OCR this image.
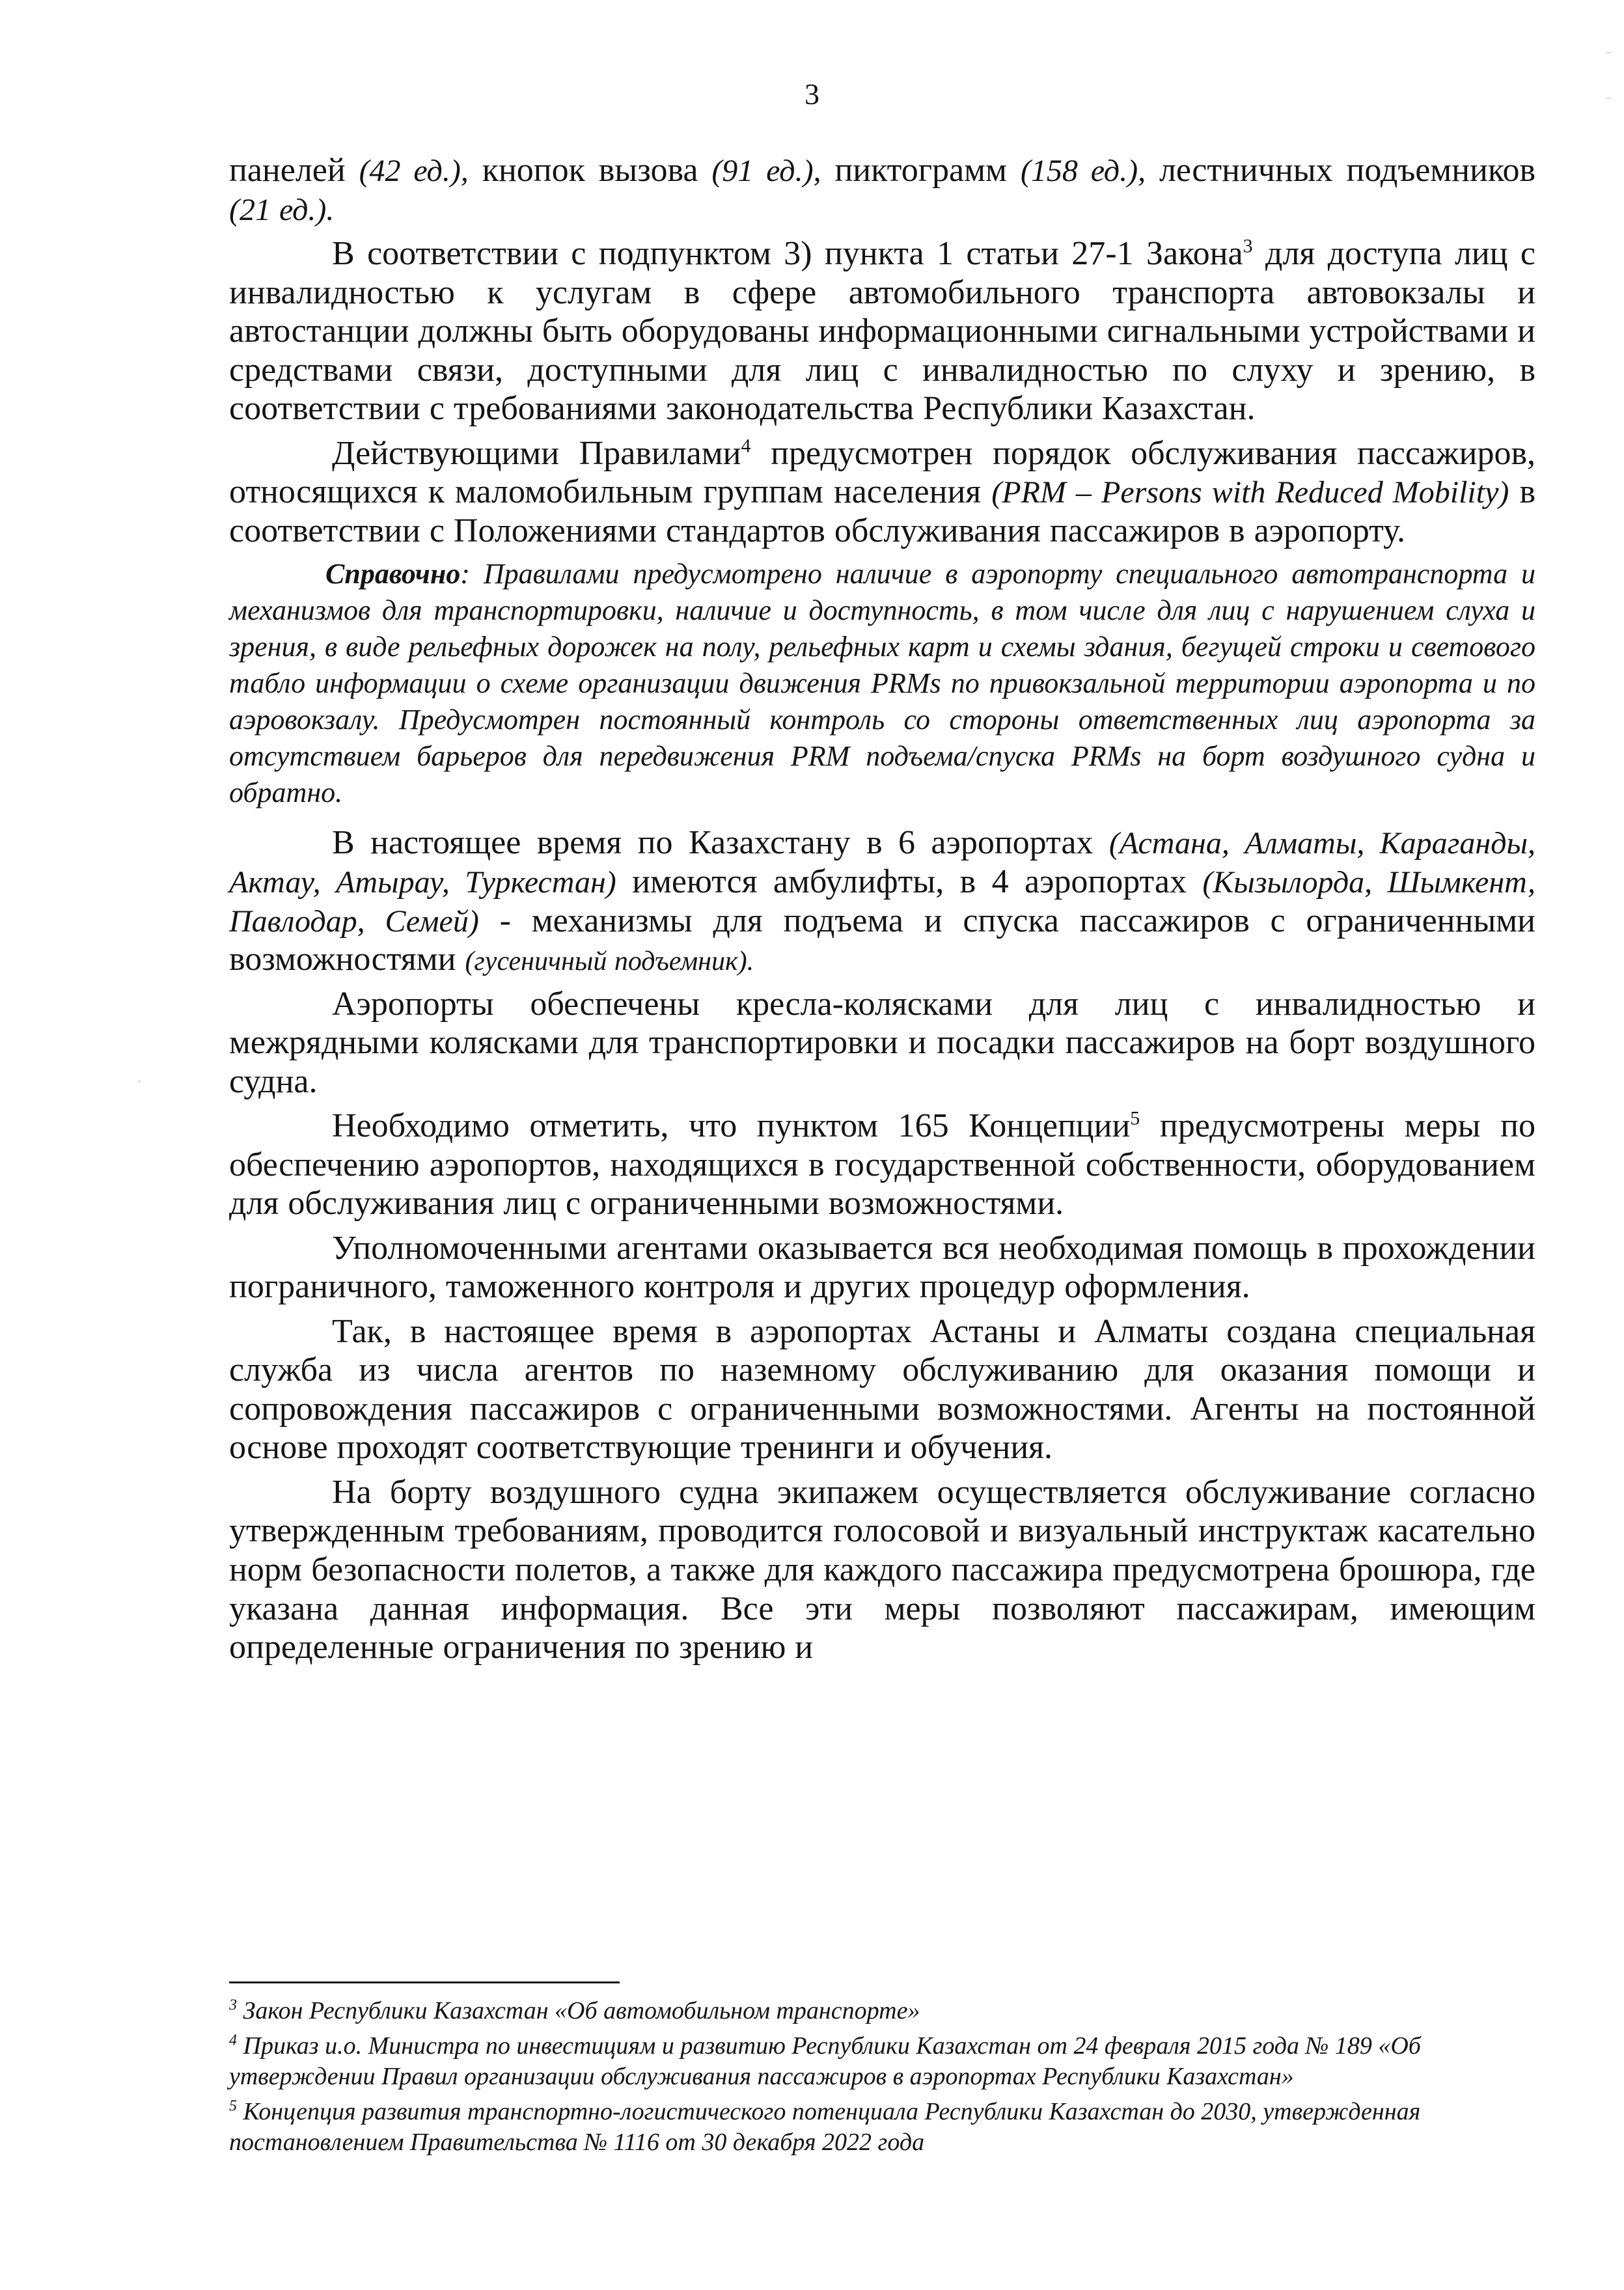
3

панелей (42 ед.), кнопок вызова (91 ед.), пиктограмм (158 ед.), лестничных подъемников (21 ед.).

В соответствии с подпунктом 3) пункта 1 статьи 27-1 Закона$^3$ для доступа лиц с инвалидностью к услугам в сфере автомобильного транспорта автовокзалы и автостанции должны быть оборудованы информационными сигнальными устройствами и средствами связи, доступными для лиц с инвалидностью по слуху и зрению, в соответствии с требованиями законодательства Республики Казахстан.

Действующими Правилами$^4$ предусмотрен порядок обслуживания пассажиров, относящихся к маломобильным группам населения (PRM – Persons with Reduced Mobility) в соответствии с Положениями стандартов обслуживания пассажиров в аэропорту.

Справочно: Правилами предусмотрено наличие в аэропорту специального автотранспорта и механизмов для транспортировки, наличие и доступность, в том числе для лиц с нарушением слуха и зрения, в виде рельефных дорожек на полу, рельефных карт и схемы здания, бегущей строки и светового табло информации о схеме организации движения PRMs по привокзальной территории аэропорта и по аэровокзалу. Предусмотрен постоянный контроль со стороны ответственных лиц аэропорта за отсутствием барьеров для передвижения PRM подъема/спуска PRMs на борт воздушного судна и обратно.

В настоящее время по Казахстану в 6 аэропортах (Астана, Алматы, Караганды, Актау, Атырау, Туркестан) имеются амбулифты, в 4 аэропортах (Кызылорда, Шымкент, Павлодар, Семей) - механизмы для подъема и спуска пассажиров с ограниченными возможностями (гусеничный подъемник).

Аэропорты обеспечены кресла-колясками для лиц с инвалидностью и межрядными колясками для транспортировки и посадки пассажиров на борт воздушного судна.

Необходимо отметить, что пунктом 165 Концепции$^5$ предусмотрены меры по обеспечению аэропортов, находящихся в государственной собственности, оборудованием для обслуживания лиц с ограниченными возможностями.

Уполномоченными агентами оказывается вся необходимая помощь в прохождении пограничного, таможенного контроля и других процедур оформления.

Так, в настоящее время в аэропортах Астаны и Алматы создана специальная служба из числа агентов по наземному обслуживанию для оказания помощи и сопровождения пассажиров с ограниченными возможностями. Агенты на постоянной основе проходят соответствующие тренинги и обучения.

На борту воздушного судна экипажем осуществляется обслуживание согласно утвержденным требованиям, проводится голосовой и визуальный инструктаж касательно норм безопасности полетов, а также для каждого пассажира предусмотрена брошюра, где указана данная информация. Все эти меры позволяют пассажирам, имеющим определенные ограничения по зрению и

$^3$ Закон Республики Казахстан «Об автомобильном транспорте»
$^4$ Приказ и.о. Министра по инвестициям и развитию Республики Казахстан от 24 февраля 2015 года № 189 «Об утверждении Правил организации обслуживания пассажиров в аэропортах Республики Казахстан»
$^5$ Концепция развития транспортно-логистического потенциала Республики Казахстан до 2030, утвержденная постановлением Правительства № 1116 от 30 декабря 2022 года
